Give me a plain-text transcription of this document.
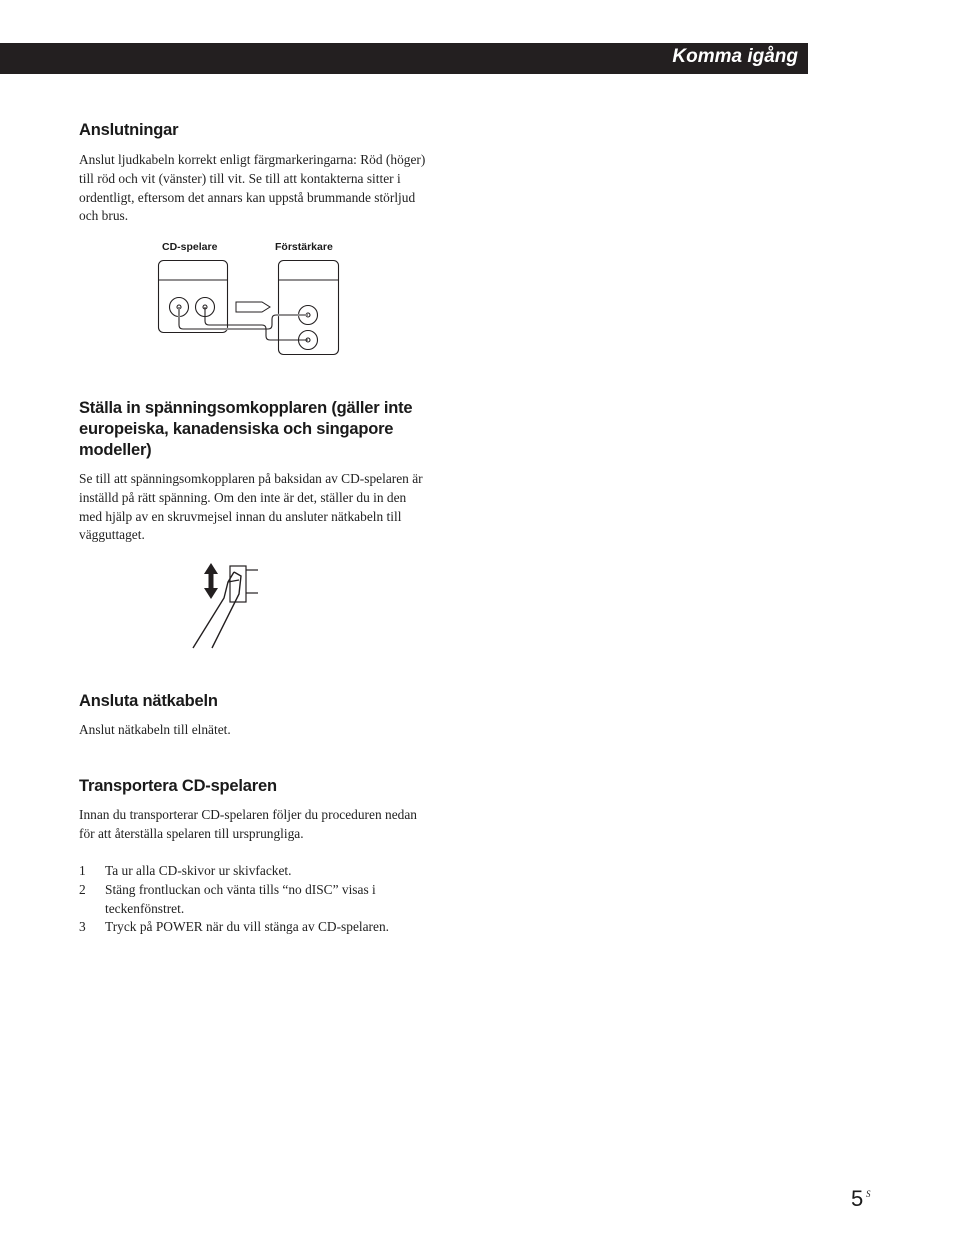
Komma igång
Anslutningar
Anslut ljudkabeln korrekt enligt färgmarkeringarna: Röd (höger) till röd och vit (vänster) till vit. Se till att kontakterna sitter i ordentligt, eftersom det annars kan uppstå brummande störljud och brus.
CD-spelare	Förstärkare
Ställa in spänningsomkopplaren (gäller inte europeiska, kanadensiska och singapore modeller)
Se till att spänningsomkopplaren på baksidan av CD-spelaren är inställd på rätt spänning. Om den inte är det, ställer du in den med hjälp av en skruvmejsel innan du ansluter nätkabeln till vägguttaget.
Ansluta nätkabeln
Anslut nätkabeln till elnätet.
Transportera CD-spelaren
Innan du transporterar CD-spelaren följer du proceduren nedan för att återställa spelaren till ursprungliga.
1 Ta ur alla CD-skivor ur skivfacket.
2 Stäng frontluckan och vänta tills “no dISC” visas i teckenfönstret.
3 Tryck på POWER när du vill stänga av CD-spelaren.
5 S
